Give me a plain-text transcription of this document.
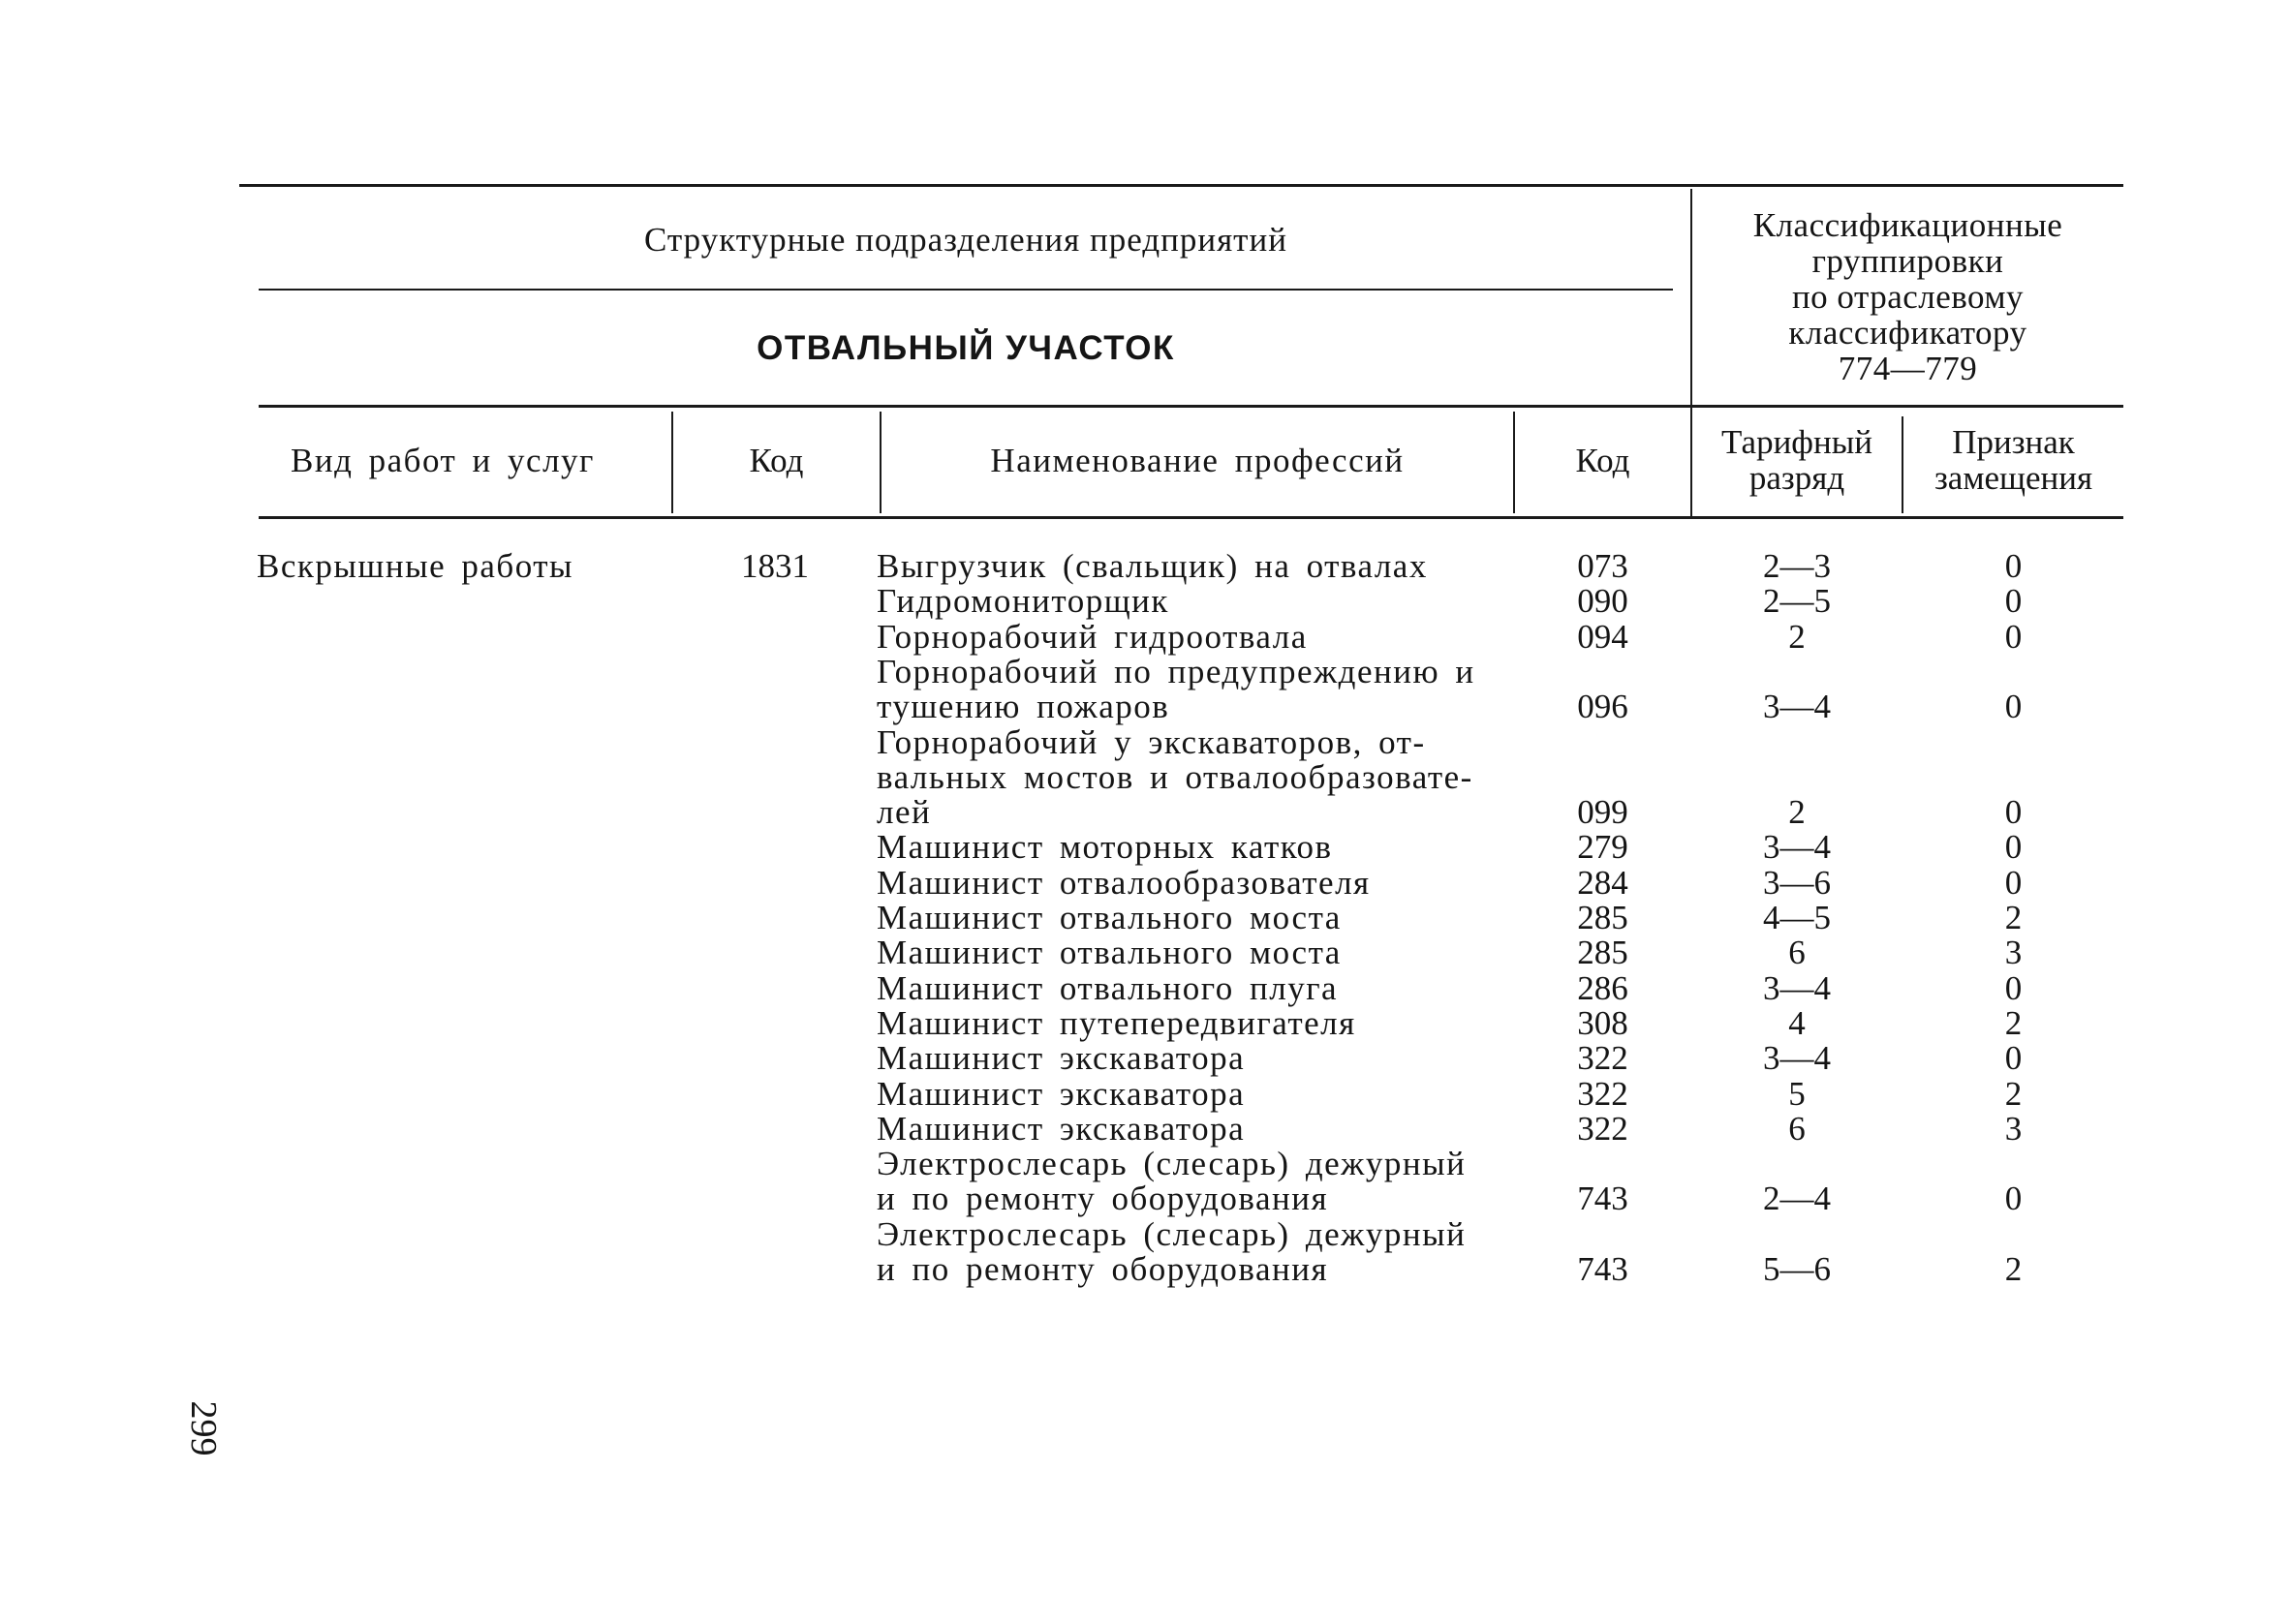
Структурные подразделения предприятий
ОТВАЛЬНЫЙ УЧАСТОК
Классификационные
группировки
по отраслевому
классификатору
774—779
Вид работ и услуг	Код	Наименование профессий	Код	Тарифный
разряд
Признак
замещения
Вскрышные работы	1831	Выгрузчик (свальщик) на отвалах	073	2—3	0
Гидромониторщик	090	2—5	0
Горнорабочий гидроотвала	094	2	0
Горнорабочий по предупреждению и
тушению пожаров	096	3—4	0
Горнорабочий у экскаваторов, от-
вальных мостов и отвалообразовате-
лей	099	2	0
Машинист моторных катков	279	3—4	0
Машинист отвалообразователя	284	3—6	0
Машинист отвального моста	285	4—5	2
Машинист отвального моста	285	6	3
Машинист отвального плуга	286	3—4	0
Машинист путепередвигателя	308	4	2
Машинист экскаватора	322	3—4	0
Машинист экскаватора	322	5	2
Машинист экскаватора	322	6	3
Электрослесарь (слесарь) дежурный
и по ремонту оборудования	743	2—4	0
Электрослесарь (слесарь) дежурный
и по ремонту оборудования	743	5—6	2
299
